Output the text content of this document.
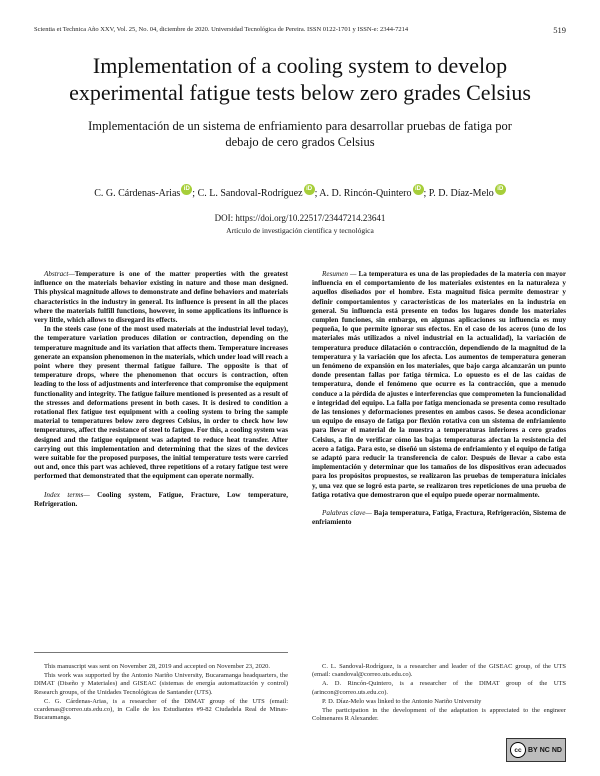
Scientia et Technica Año XXV, Vol. 25, No. 04, diciembre de 2020. Universidad Tecnológica de Pereira. ISSN 0122-1701 y ISSN-e: 2344-7214	519
Implementation of a cooling system to develop experimental fatigue tests below zero grades Celsius
Implementación de un sistema de enfriamiento para desarrollar pruebas de fatiga por debajo de cero grados Celsius
C. G. Cárdenas-Arias iD ; C. L. Sandoval-Rodríguez iD ; A. D. Rincón-Quintero iD ; P. D. Díaz-Melo iD
DOI: https://doi.org/10.22517/23447214.23641
Artículo de investigación científica y tecnológica

Abstract—Temperature is one of the matter properties with the greatest influence on the materials behavior existing in nature and those man designed. This physical magnitude allows to demonstrate and define behaviors and materials characteristics in the industry in general. Its influence is present in all the places where the materials fulfill functions, however, in some applications its influence is very little, which allows to disregard its effects.

In the steels case (one of the most used materials at the industrial level today), the temperature variation produces dilation or contraction, depending on the temperature magnitude and its variation that affects them. Temperature increases generate an expansion phenomenon in the materials, which under load will reach a point where they present thermal fatigue failure. The opposite is that of temperature drops, where the phenomenon that occurs is contraction, often leading to the loss of adjustments and interference that compromise the equipment functionality and integrity. The fatigue failure mentioned is presented as a result of the stresses and deformations present in both cases. It is desired to condition a rotational flex fatigue test equipment with a cooling system to bring the sample material to temperatures below zero degrees Celsius, in order to check how low temperatures, affect the resistance of steel to fatigue. For this, a cooling system was designed and the fatigue equipment was adapted to reduce heat transfer. After carrying out this implementation and determining that the sizes of the devices were suitable for the proposed purposes, the initial temperature tests were carried out and, once this part was achieved, three repetitions of a rotary fatigue test were performed that demonstrated that the equipment can operate normally.

Index terms— Cooling system, Fatigue, Fracture, Low temperature, Refrigeration.

Resumen — La temperatura es una de las propiedades de la materia con mayor influencia en el comportamiento de los materiales existentes en la naturaleza y aquellos diseñados por el hombre. Esta magnitud física permite demostrar y definir comportamientos y características de los materiales en la industria en general. Su influencia está presente en todos los lugares donde los materiales cumplen funciones, sin embargo, en algunas aplicaciones su influencia es muy pequeña, lo que permite ignorar sus efectos. En el caso de los aceros (uno de los materiales más utilizados a nivel industrial en la actualidad), la variación de temperatura produce dilatación o contracción, dependiendo de la magnitud de la temperatura y la variación que los afecta. Los aumentos de temperatura generan un fenómeno de expansión en los materiales, que bajo carga alcanzarán un punto donde presentan fallas por fatiga térmica. Lo opuesto es el de las caídas de temperatura, donde el fenómeno que ocurre es la contracción, que a menudo conduce a la pérdida de ajustes e interferencias que comprometen la funcionalidad e integridad del equipo. La falla por fatiga mencionada se presenta como resultado de las tensiones y deformaciones presentes en ambos casos. Se desea acondicionar un equipo de ensayo de fatiga por flexión rotativa con un sistema de enfriamiento para llevar el material de la muestra a temperaturas inferiores a cero grados Celsius, a fin de verificar cómo las bajas temperaturas afectan la resistencia del acero a fatiga. Para esto, se diseñó un sistema de enfriamiento y el equipo de fatiga se adaptó para reducir la transferencia de calor. Después de llevar a cabo esta implementación y determinar que los tamaños de los dispositivos eran adecuados para los propósitos propuestos, se realizaron las pruebas de temperatura iniciales y, una vez que se logró esta parte, se realizaron tres repeticiones de una prueba de fatiga rotativa que demostraron que el equipo puede operar normalmente.

Palabras clave— Baja temperatura, Fatiga, Fractura, Refrigeración, Sistema de enfriamiento

This manuscript was sent on November 28, 2019 and accepted on November 23, 2020.

This work was supported by the Antonio Nariño University, Bucaramanga headquarters, the DIMAT (Diseño y Materiales) and GISEAC (sistemas de energía automatización y control) Research groups, of the Unidades Tecnológicas de Santander (UTS).

C. G. Cárdenas-Arias, is a researcher of the DIMAT group of the UTS (email: ccardenas@correo.uts.edu.co), in Calle de los Estudiantes #9-82 Ciudadela Real de Minas-Bucaramanga.

C. L. Sandoval-Rodríguez, is a researcher and leader of the GISEAC group, of the UTS (email: csandoval@correo.uts.edu.co).

A. D. Rincón-Quintero, is a researcher of the DIMAT group of the UTS (arincon@correo.uts.edu.co).

P. D. Díaz-Melo was linked to the Antonio Nariño University

The participation in the development of the adaptation is appreciated to the engineer Colmenares R Alexander.

cc BY NC ND
